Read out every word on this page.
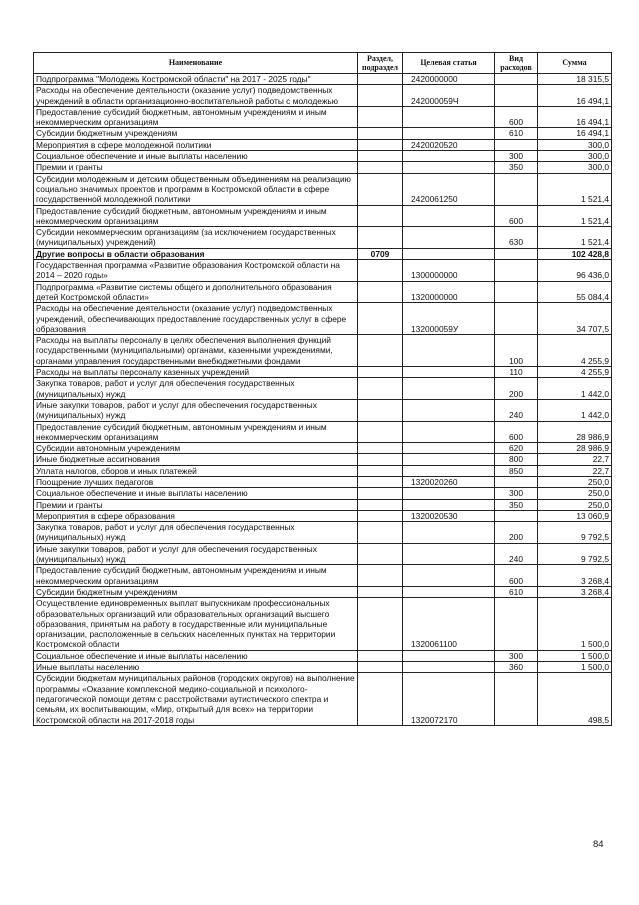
Наименование	Раздел, подраздел	Целевая статья	Вид расходов	Сумма
Подпрограмма "Молодежь Костромской области" на 2017 - 2025 годы"		2420000000		18 315,5
Расходы на обеспечение деятельности (оказание услуг) подведомственных учреждений в области организационно-воспитательной работы с молодежью		242000059Ч		16 494,1
Предоставление субсидий бюджетным, автономным учреждениям и иным некоммерческим организациям			600	16 494,1
Субсидии бюджетным учреждениям			610	16 494,1
Мероприятия в сфере молодежной политики		2420020520		300,0
Социальное обеспечение и иные выплаты населению			300	300,0
Премии и гранты			350	300,0
Субсидии молодежным и детским общественным объединениям на реализацию социально значимых проектов и программ в Костромской области в сфере государственной молодежной политики		2420061250		1 521,4
Предоставление субсидий бюджетным, автономным учреждениям и иным некоммерческим организациям			600	1 521,4
Субсидии некоммерческим организациям (за исключением государственных (муниципальных) учреждений)			630	1 521,4
Другие вопросы в области образования	0709			102 428,8
Государственная программа «Развитие образования Костромской области на 2014 – 2020 годы»		1300000000		96 436,0
Подпрограмма «Развитие системы общего и дополнительного образования детей Костромской области»		1320000000		55 084,4
Расходы на обеспечение деятельности (оказание услуг) подведомственных учреждений, обеспечивающих предоставление государственных услуг в сфере образования		132000059У		34 707,5
Расходы на выплаты персоналу в целях обеспечения выполнения функций государственными (муниципальными) органами, казенными учреждениями, органами управления государственными внебюджетными фондами			100	4 255,9
Расходы на выплаты персоналу казенных учреждений			110	4 255,9
Закупка товаров, работ и услуг для обеспечения государственных (муниципальных) нужд			200	1 442,0
Иные закупки товаров, работ и услуг для обеспечения государственных (муниципальных) нужд			240	1 442,0
Предоставление субсидий бюджетным, автономным учреждениям и иным некоммерческим организациям			600	28 986,9
Субсидии автономным учреждениям			620	28 986,9
Иные бюджетные ассигнования			800	22,7
Уплата налогов, сборов и иных платежей			850	22,7
Поощрение лучших педагогов		1320020260		250,0
Социальное обеспечение и иные выплаты населению			300	250,0
Премии и гранты			350	250,0
Мероприятия в сфере образования		1320020530		13 060,9
Закупка товаров, работ и услуг для обеспечения государственных (муниципальных) нужд			200	9 792,5
Иные закупки товаров, работ и услуг для обеспечения государственных (муниципальных) нужд			240	9 792,5
Предоставление субсидий бюджетным, автономным учреждениям и иным некоммерческим организациям			600	3 268,4
Субсидии бюджетным учреждениям			610	3 268,4
Осуществление единовременных выплат выпускникам профессиональных образовательных организаций или образовательных организаций высшего образования, принятым на работу в государственные или муниципальные организации, расположенные в сельских населенных пунктах на территории Костромской области		1320061100		1 500,0
Социальное обеспечение и иные выплаты населению			300	1 500,0
Иные выплаты населению			360	1 500,0
Субсидии бюджетам муниципальных районов (городских округов) на выполнение программы «Оказание комплексной медико-социальной и психолого-педагогической помощи детям с расстройствами аутистического спектра и семьям, их воспитывающим, «Мир, открытый для всех» на территории Костромской области на 2017-2018 годы		1320072170		498,5
84
